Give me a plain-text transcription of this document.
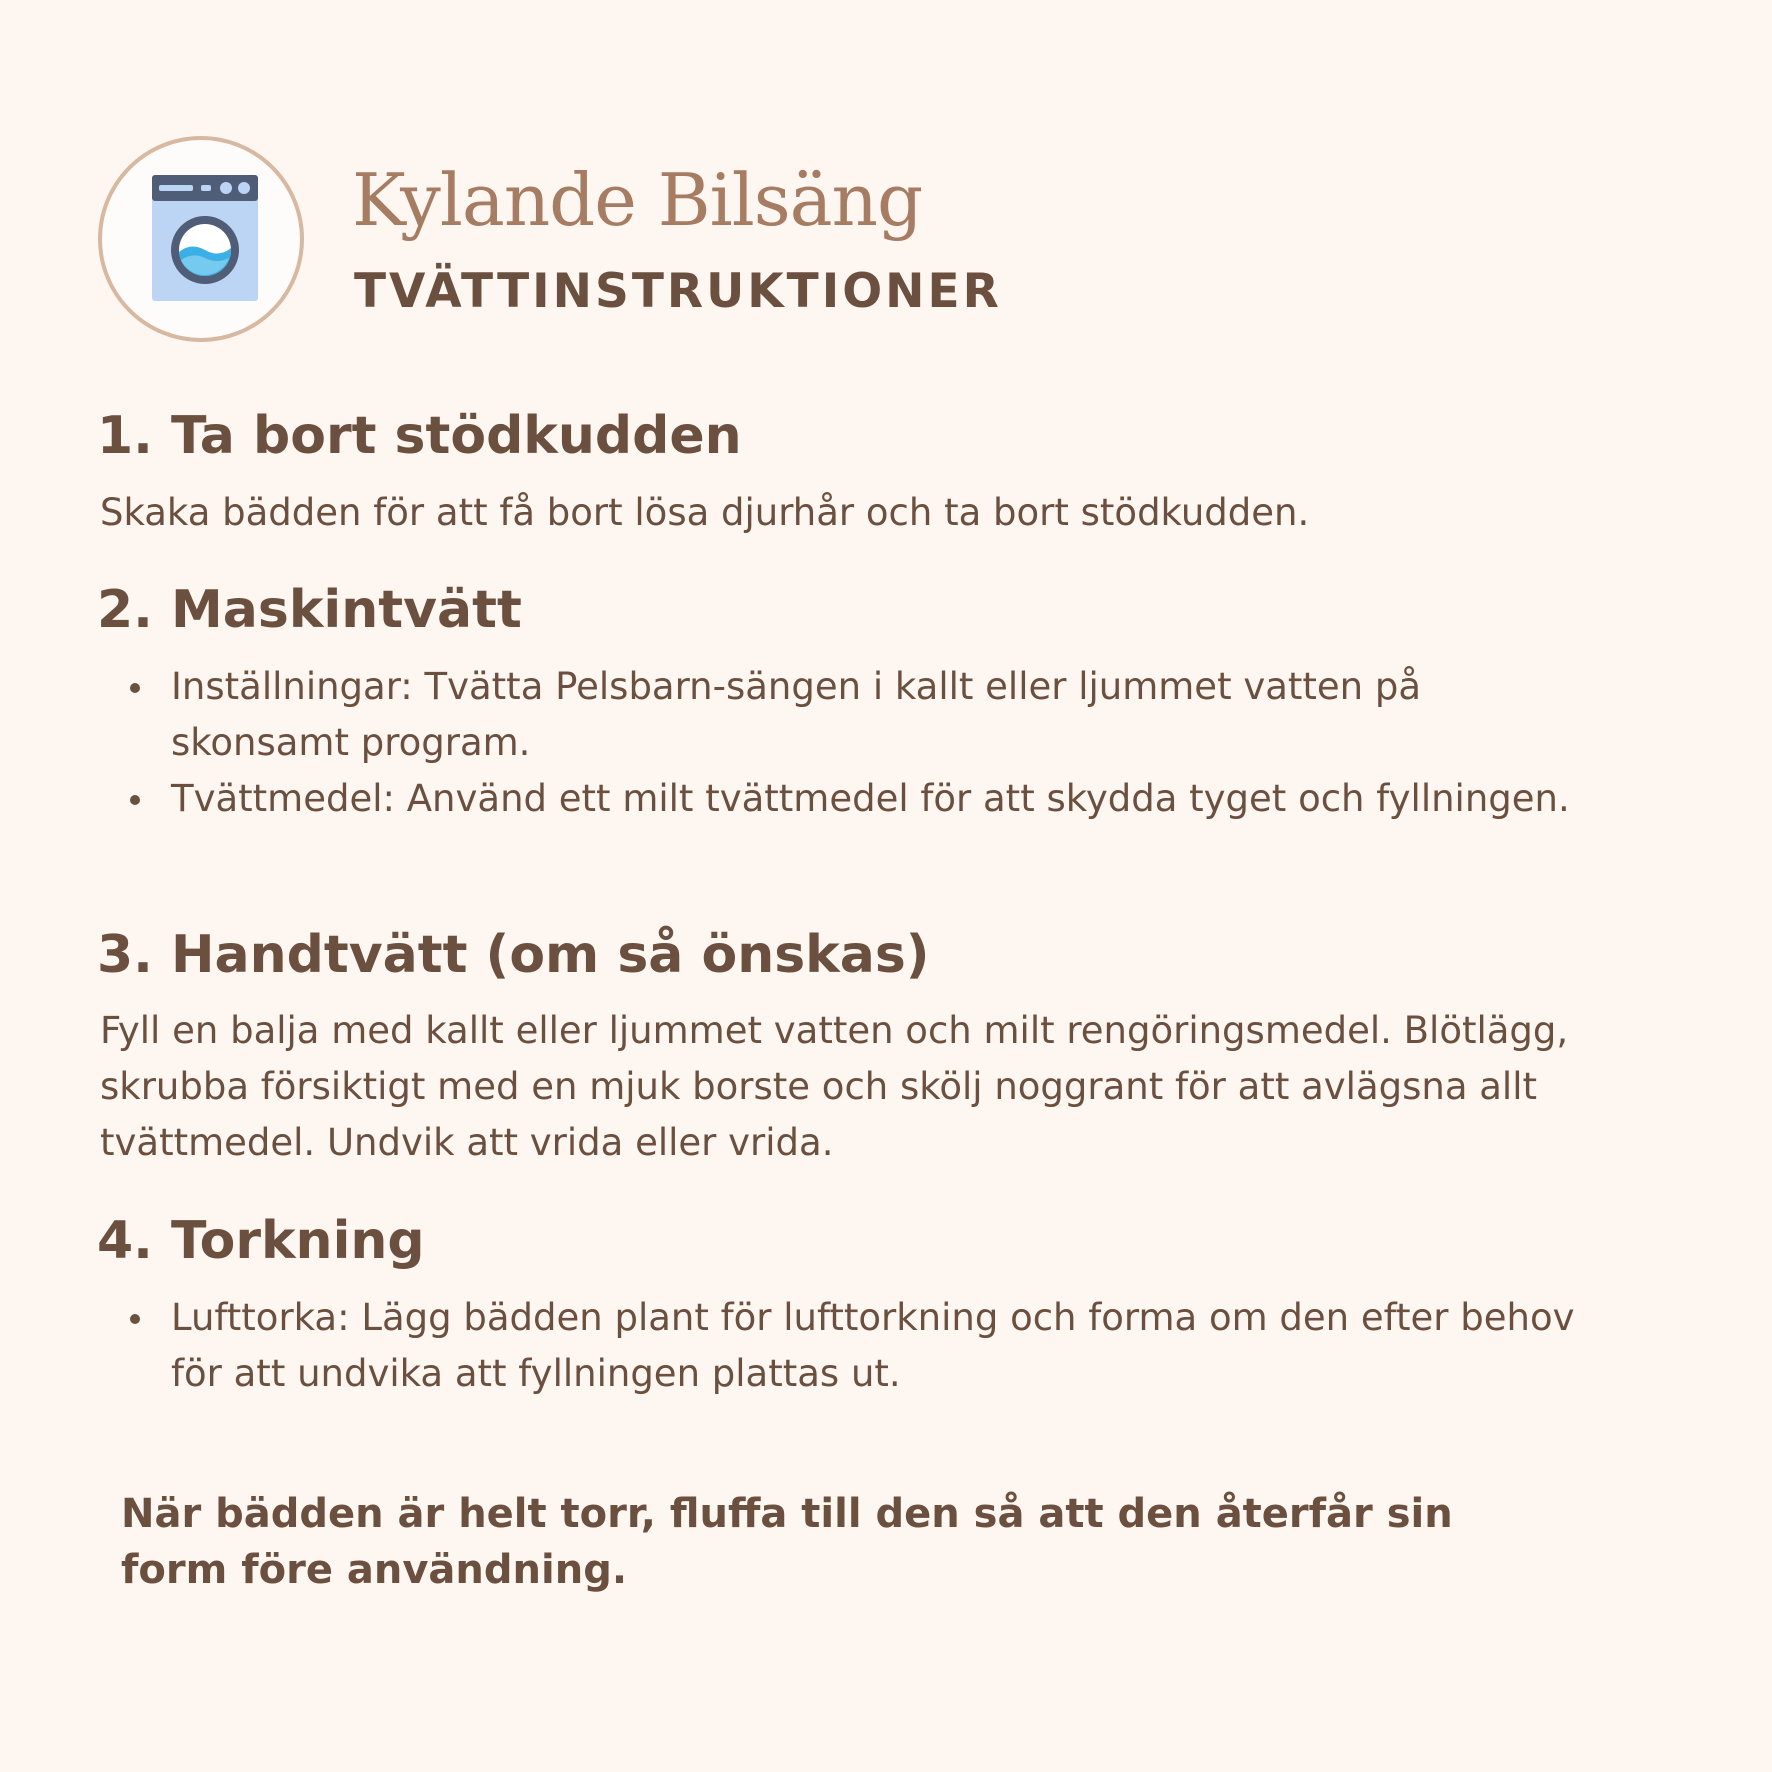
Kylande Bilsäng
TVÄTTINSTRUKTIONER
1. Ta bort stödkudden

Skaka bädden för att få bort lösa djurhår och ta bort stödkudden.

2. Maskintvätt
Inställningar: Tvätta Pelsbarn-sängen i kallt eller ljummet vatten på skonsamt program.
Tvättmedel: Använd ett milt tvättmedel för att skydda tyget och fyllningen.
3. Handtvätt (om så önskas)

Fyll en balja med kallt eller ljummet vatten och milt rengöringsmedel. Blötlägg, skrubba försiktigt med en mjuk borste och skölj noggrant för att avlägsna allt tvättmedel. Undvik att vrida eller vrida.

4. Torkning
Lufttorka: Lägg bädden plant för lufttorkning och forma om den efter behov för att undvika att fyllningen plattas ut.
När bädden är helt torr, fluffa till den så att den återfår sin form före användning.
